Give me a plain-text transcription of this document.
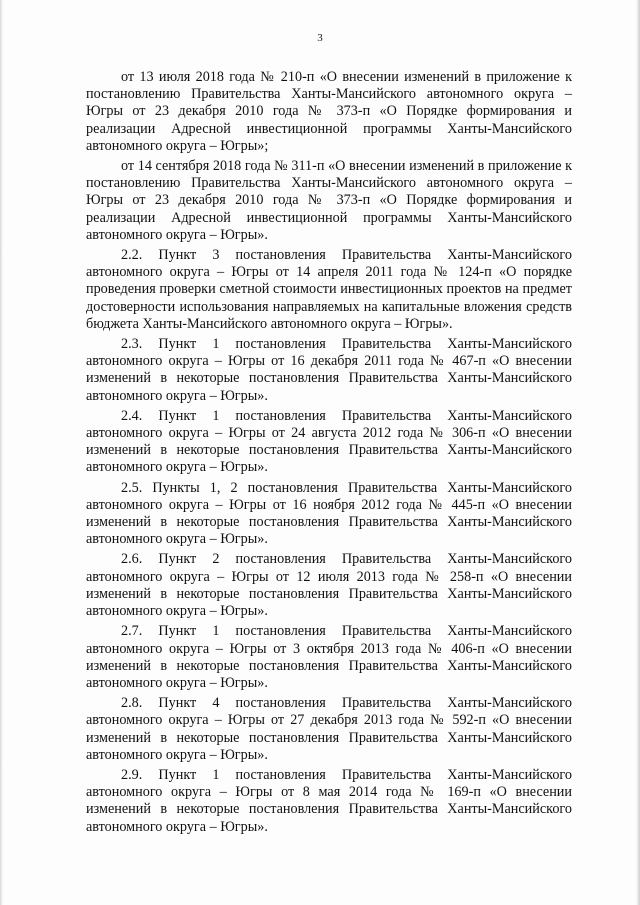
3

от 13 июля 2018 года № 210-п «О внесении изменений в приложение к постановлению Правительства Ханты-Мансийского автономного округа – Югры от 23 декабря 2010 года № 373-п «О Порядке формирования и реализации Адресной инвестиционной программы Ханты-Мансийского автономного округа – Югры»;

от 14 сентября 2018 года № 311-п «О внесении изменений в приложение к постановлению Правительства Ханты-Мансийского автономного округа – Югры от 23 декабря 2010 года № 373-п «О Порядке формирования и реализации Адресной инвестиционной программы Ханты-Мансийского автономного округа – Югры».

2.2. Пункт 3 постановления Правительства Ханты-Мансийского автономного округа – Югры от 14 апреля 2011 года № 124-п «О порядке проведения проверки сметной стоимости инвестиционных проектов на предмет достоверности использования направляемых на капитальные вложения средств бюджета Ханты-Мансийского автономного округа – Югры».

2.3. Пункт 1 постановления Правительства Ханты-Мансийского автономного округа – Югры от 16 декабря 2011 года № 467-п «О внесении изменений в некоторые постановления Правительства Ханты-Мансийского автономного округа – Югры».

2.4. Пункт 1 постановления Правительства Ханты-Мансийского автономного округа – Югры от 24 августа 2012 года № 306-п «О внесении изменений в некоторые постановления Правительства Ханты-Мансийского автономного округа – Югры».

2.5. Пункты 1, 2 постановления Правительства Ханты-Мансийского автономного округа – Югры от 16 ноября 2012 года № 445-п «О внесении изменений в некоторые постановления Правительства Ханты-Мансийского автономного округа – Югры».

2.6. Пункт 2 постановления Правительства Ханты-Мансийского автономного округа – Югры от 12 июля 2013 года № 258-п «О внесении изменений в некоторые постановления Правительства Ханты-Мансийского автономного округа – Югры».

2.7. Пункт 1 постановления Правительства Ханты-Мансийского автономного округа – Югры от 3 октября 2013 года № 406-п «О внесении изменений в некоторые постановления Правительства Ханты-Мансийского автономного округа – Югры».

2.8. Пункт 4 постановления Правительства Ханты-Мансийского автономного округа – Югры от 27 декабря 2013 года № 592-п «О внесении изменений в некоторые постановления Правительства Ханты-Мансийского автономного округа – Югры».

2.9. Пункт 1 постановления Правительства Ханты-Мансийского автономного округа – Югры от 8 мая 2014 года № 169-п «О внесении изменений в некоторые постановления Правительства Ханты-Мансийского автономного округа – Югры».
